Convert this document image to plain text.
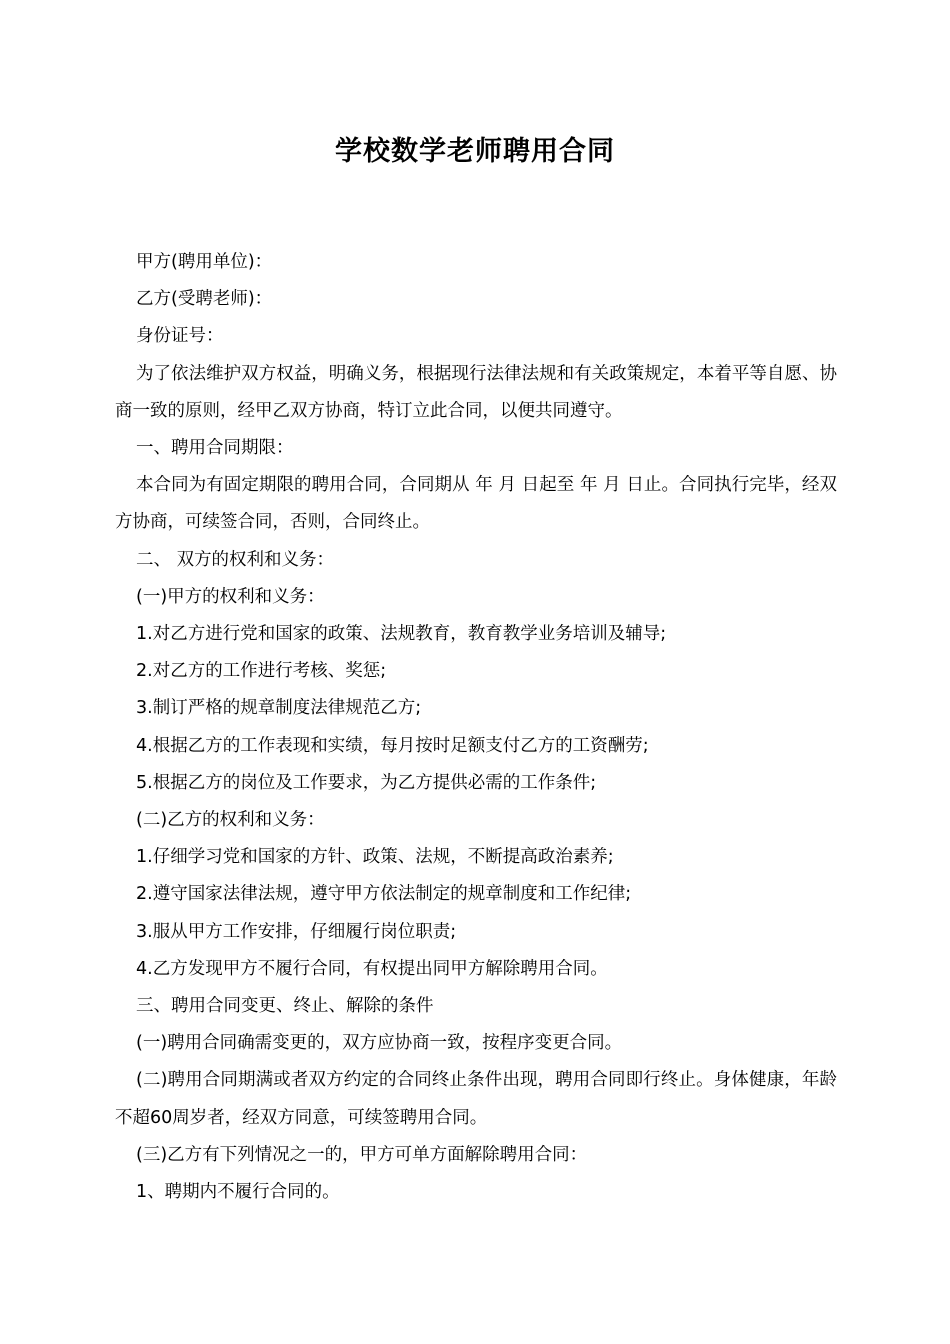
学校数学老师聘用合同

甲方(聘用单位)：

乙方(受聘老师)：

身份证号：

为了依法维护双方权益，明确义务，根据现行法律法规和有关政策规定，本着平等自愿、协商一致的原则，经甲乙双方协商，特订立此合同，以便共同遵守。

一、聘用合同期限：

本合同为有固定期限的聘用合同，合同期从 年 月 日起至 年 月 日止。合同执行完毕，经双方协商，可续签合同，否则，合同终止。

二、 双方的权利和义务：

(一)甲方的权利和义务：

1.对乙方进行党和国家的政策、法规教育，教育教学业务培训及辅导;

2.对乙方的工作进行考核、奖惩;

3.制订严格的规章制度法律规范乙方;

4.根据乙方的工作表现和实绩，每月按时足额支付乙方的工资酬劳;

5.根据乙方的岗位及工作要求，为乙方提供必需的工作条件;

(二)乙方的权利和义务：

1.仔细学习党和国家的方针、政策、法规，不断提高政治素养;

2.遵守国家法律法规，遵守甲方依法制定的规章制度和工作纪律;

3.服从甲方工作安排，仔细履行岗位职责;

4.乙方发现甲方不履行合同，有权提出同甲方解除聘用合同。

三、聘用合同变更、终止、解除的条件

(一)聘用合同确需变更的，双方应协商一致，按程序变更合同。

(二)聘用合同期满或者双方约定的合同终止条件出现，聘用合同即行终止。身体健康，年龄不超60周岁者，经双方同意，可续签聘用合同。

(三)乙方有下列情况之一的，甲方可单方面解除聘用合同：

1、聘期内不履行合同的。
